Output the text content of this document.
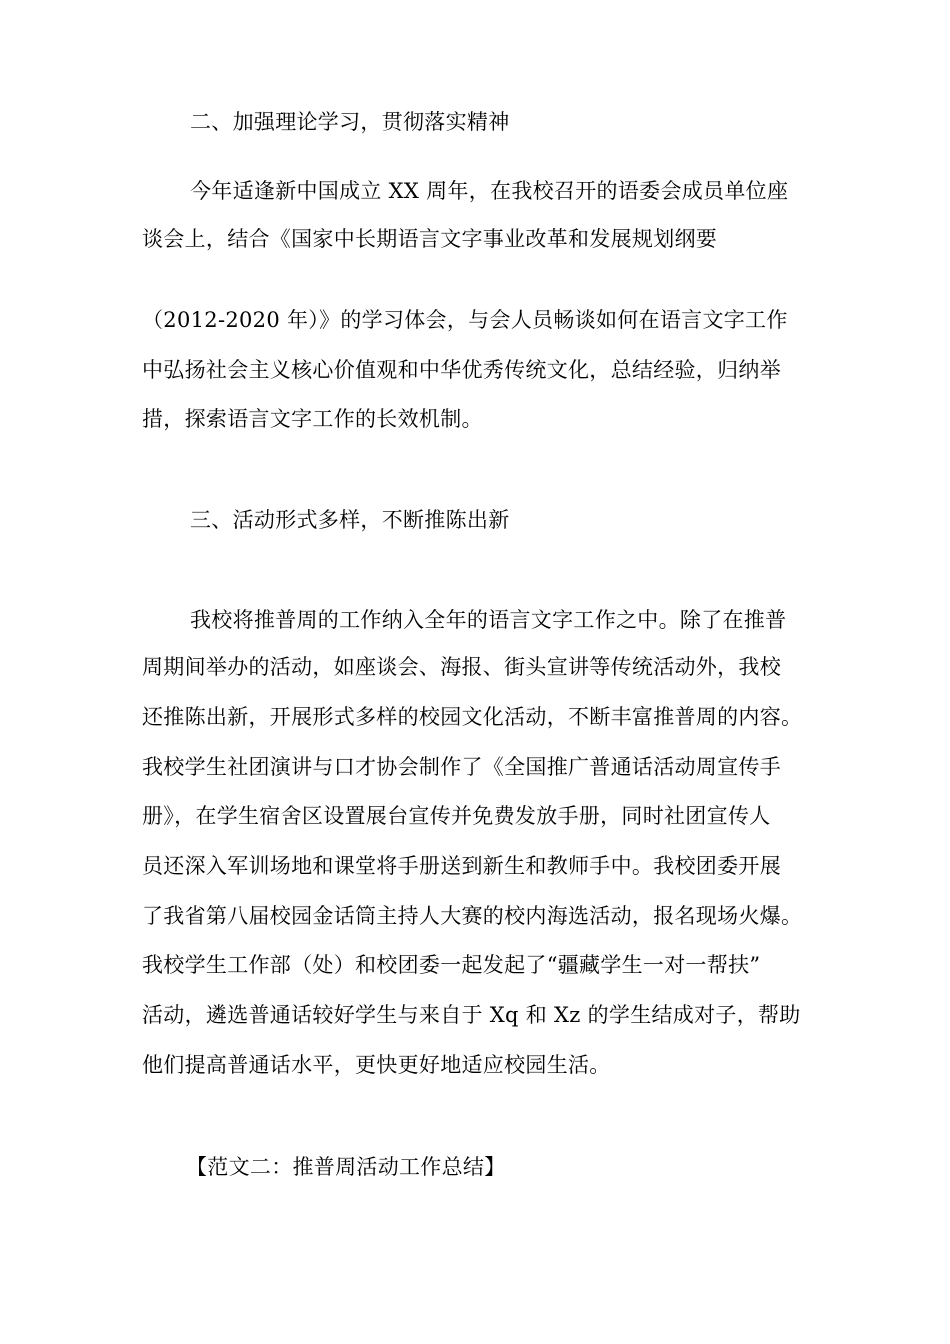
二、加强理论学习，贯彻落实精神
今年适逢新中国成立 XX 周年，在我校召开的语委会成员单位座
谈会上，结合《国家中长期语言文字事业改革和发展规划纲要
（2012-2020 年）》的学习体会，与会人员畅谈如何在语言文字工作
中弘扬社会主义核心价值观和中华优秀传统文化，总结经验，归纳举
措，探索语言文字工作的长效机制。
三、活动形式多样，不断推陈出新
我校将推普周的工作纳入全年的语言文字工作之中。除了在推普
周期间举办的活动，如座谈会、海报、街头宣讲等传统活动外，我校
还推陈出新，开展形式多样的校园文化活动，不断丰富推普周的内容。
我校学生社团演讲与口才协会制作了《全国推广普通话活动周宣传手
册》，在学生宿舍区设置展台宣传并免费发放手册，同时社团宣传人
员还深入军训场地和课堂将手册送到新生和教师手中。我校团委开展
了我省第八届校园金话筒主持人大赛的校内海选活动，报名现场火爆。
我校学生工作部（处）和校团委一起发起了“疆藏学生一对一帮扶”
活动，遴选普通话较好学生与来自于 Xq 和 Xz 的学生结成对子，帮助
他们提高普通话水平，更快更好地适应校园生活。
【范文二：推普周活动工作总结】
